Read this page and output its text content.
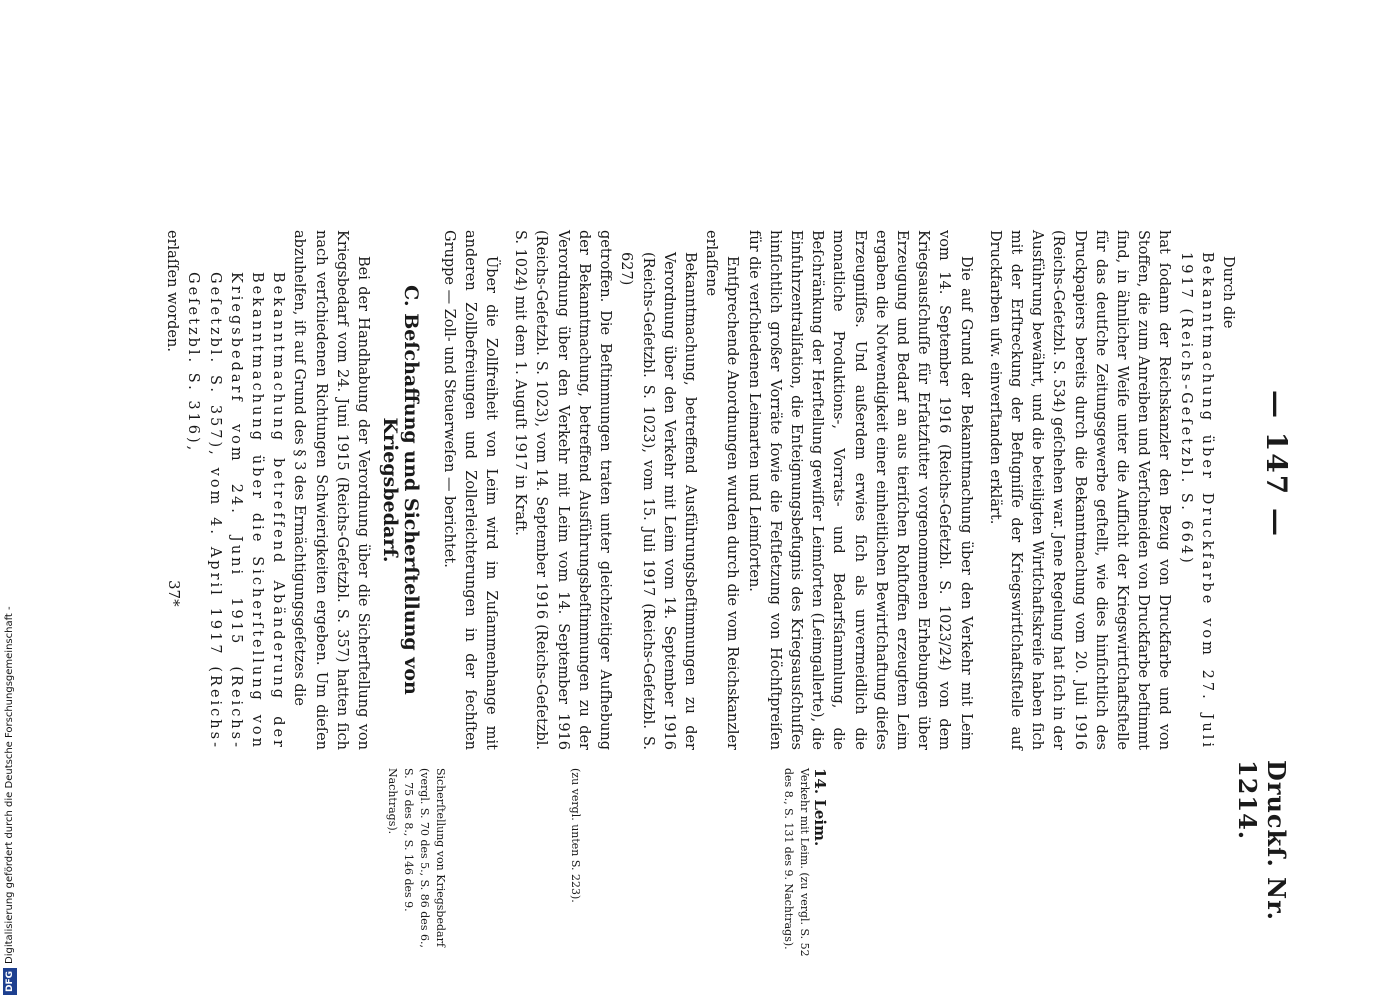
— 147 —
Druckſ. Nr. 1214.

Durch die

Bekanntmachung über Druckfarbe vom 27. Juli 1917 (Reichs-Geſetzbl. S. 664)

hat ſodann der Reichskanzler den Bezug von Druckfarbe und von Stoffen, die zum Anreiben und Verſchneiden von Druckfarbe beſtimmt ſind, in ähnlicher Weiſe unter die Aufſicht der Kriegswirtſchaftsſtelle für das deutſche Zeitungsgewerbe geſtellt, wie dies hinſichtlich des Druckpapiers bereits durch die Bekanntmachung vom 20. Juli 1916 (Reichs-Geſetzbl. S. 534) geſchehen war. Jene Regelung hat ſich in der Ausführung bewährt, und die beteiligten Wirtſchaftskreiſe haben ſich mit der Erſtreckung der Befugniſſe der Kriegswirtſchaftsſtelle auf Druckfarben uſw. einverſtanden erklärt.

Die auf Grund der Bekanntmachung über den Verkehr mit Leim vom 14. September 1916 (Reichs-Geſetzbl. S. 1023/24) von dem Kriegsausſchuſſe für Erſatzfutter vorgenommenen Erhebungen über Erzeugung und Bedarf an aus tieriſchen Rohſtoffen erzeugtem Leim ergaben die Notwendigkeit einer einheitlichen Bewirtſchaftung dieſes Erzeugniſſes. Und außerdem erwies ſich als unvermeidlich die monatliche Produktions-, Vorrats- und Bedarfsſammlung, die Beſchränkung der Herſtellung gewiſſer Leimſorten (Leimgallerte), die Einfuhrzentraliſation, die Enteignungsbefugnis des Kriegsausſchuſſes hinſichtlich großer Vorräte ſowie die Feſtſetzung von Höchſtpreiſen für die verſchiedenen Leimarten und Leimſorten.

Entſprechende Anordnungen wurden durch die vom Reichskanzler erlaſſene

Bekanntmachung, betreffend Ausführungsbeſtimmungen zu der Verordnung über den Verkehr mit Leim vom 14. September 1916 (Reichs-Geſetzbl. S. 1023), vom 15. Juli 1917 (Reichs-Geſetzbl. S. 627)

getroffen. Die Beſtimmungen traten unter gleichzeitiger Aufhebung der Bekanntmachung, betreffend Ausführungsbeſtimmungen zu der Verordnung über den Verkehr mit Leim vom 14. September 1916 (Reichs-Geſetzbl. S. 1023), vom 14. September 1916 (Reichs-Geſetzbl. S. 1024) mit dem 1. Auguſt 1917 in Kraft.

Über die Zollfreiheit von Leim wird im Zuſammenhange mit anderen Zollbefreiungen und Zollerleichterungen in der ſechſten Gruppe — Zoll- und Steuerweſen — berichtet.

C. Beſchaffung und Sicherſtellung von Kriegsbedarf.

Bei der Handhabung der Verordnung über die Sicherſtellung von Kriegsbedarf vom 24. Juni 1915 (Reichs-Geſetzbl. S. 357) hatten ſich nach verſchiedenen Richtungen Schwierigkeiten ergeben. Um dieſen abzuhelfen, iſt auf Grund des § 3 des Ermächtigungsgeſetzes die

Bekanntmachung betreffend Abänderung der Bekanntmachung über die Sicherſtellung von Kriegsbedarf vom 24. Juni 1915 (Reichs-Geſetzbl. S. 357), vom 4. April 1917 (Reichs-Geſetzbl. S. 316),

erlaſſen worden.

14. Leim.
Verkehr mit Leim. (zu vergl. S. 52 des 8., S. 131 des 9. Nachtrags).
(zu vergl. unten S. 223).
Sicherſtellung von Kriegsbedarf (vergl. S. 70 des 5., S. 86 des 6., S. 75 des 8., S. 146 des 9. Nachtrags).
37*
DFGDigitalisierung gefördert durch die Deutsche Forschungsgemeinschaft -
